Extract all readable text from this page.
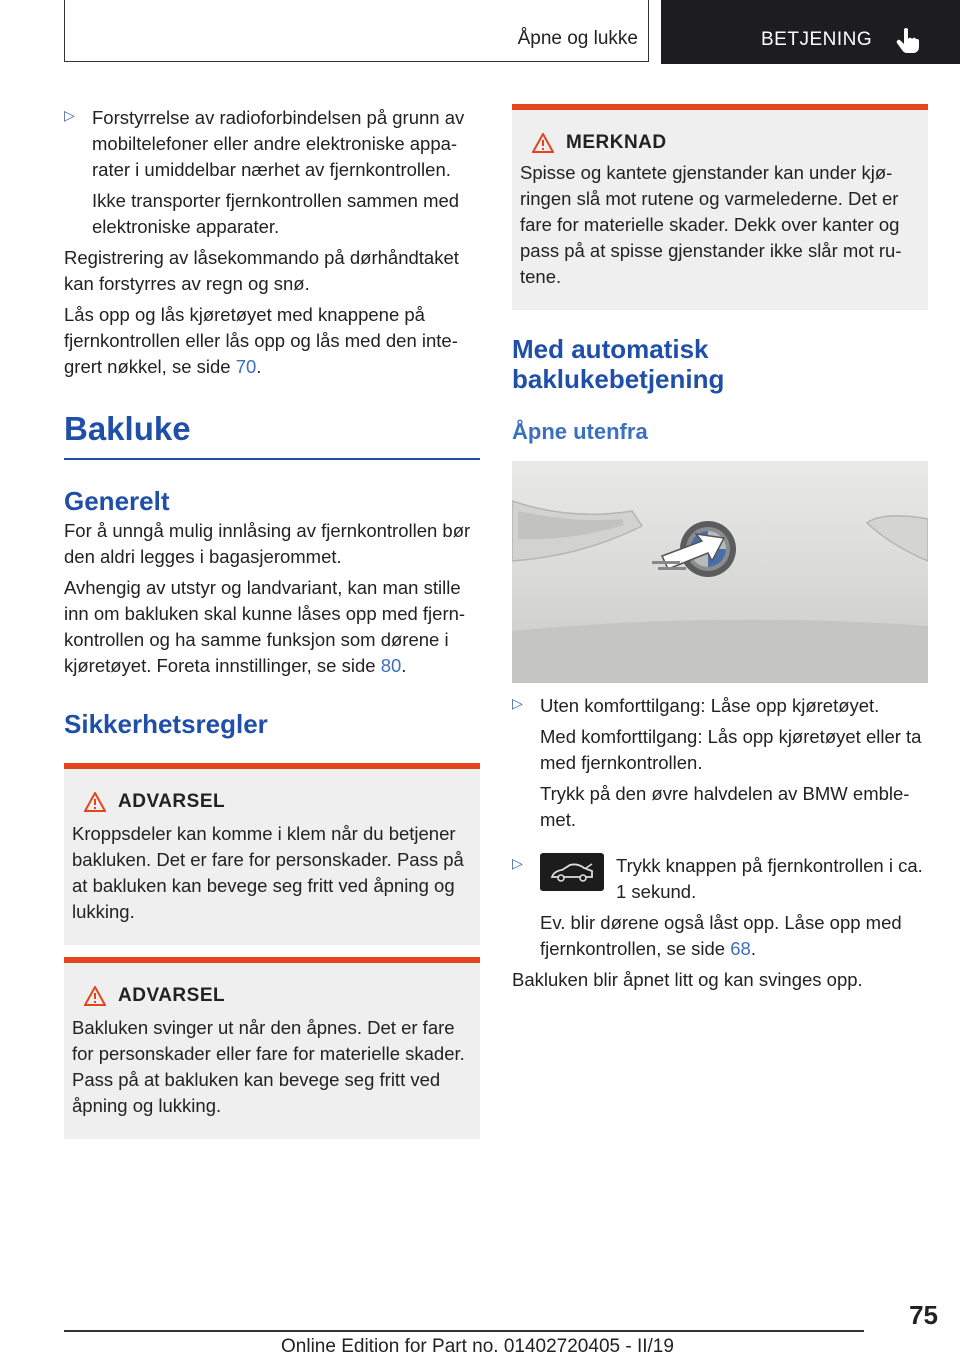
Åpne og lukke	BETJENING
▷ Forstyrrelse av radioforbindelsen på grunn av mobiltelefoner eller andre elektroniske apparater i umiddelbar nærhet av fjernkontrollen.

Ikke transporter fjernkontrollen sammen med elektroniske apparater.

Registrering av låsekommando på dørhåndtaket kan forstyrres av regn og snø.

Lås opp og lås kjøretøyet med knappene på fjernkontrollen eller lås opp og lås med den integrert nøkkel, se side 70.

Bakluke
Generelt

For å unngå mulig innlåsing av fjernkontrollen bør den aldri legges i bagasjerommet.

Avhengig av utstyr og landvariant, kan man stille inn om bakluken skal kunne låses opp med fjernkontrollen og ha samme funksjon som dørene i kjøretøyet. Foreta innstillinger, se side 80.

Sikkerhetsregler
ADVARSEL

Kroppsdeler kan komme i klem når du betjener bakluken. Det er fare for personskader. Pass på at bakluken kan bevege seg fritt ved åpning og lukking.

ADVARSEL

Bakluken svinger ut når den åpnes. Det er fare for personskader eller fare for materielle skader. Pass på at bakluken kan bevege seg fritt ved åpning og lukking.

MERKNAD

Spisse og kantete gjenstander kan under kjøringen slå mot rutene og varmelederne. Det er fare for materielle skader. Dekk over kanter og pass på at spisse gjenstander ikke slår mot rutene.

Med automatisk baklukebetjening
Åpne utenfra
▷ Uten komforttilgang: Låse opp kjøretøyet.

Med komforttilgang: Lås opp kjøretøyet eller ta med fjernkontrollen.

Trykk på den øvre halvdelen av BMW emblemet.

▷	Trykk knappen på fjernkontrollen i ca. 1 sekund.

Ev. blir dørene også låst opp. Låse opp med fjernkontrollen, se side 68.

Bakluken blir åpnet litt og kan svinges opp.

75
Online Edition for Part no. 01402720405 - II/19
